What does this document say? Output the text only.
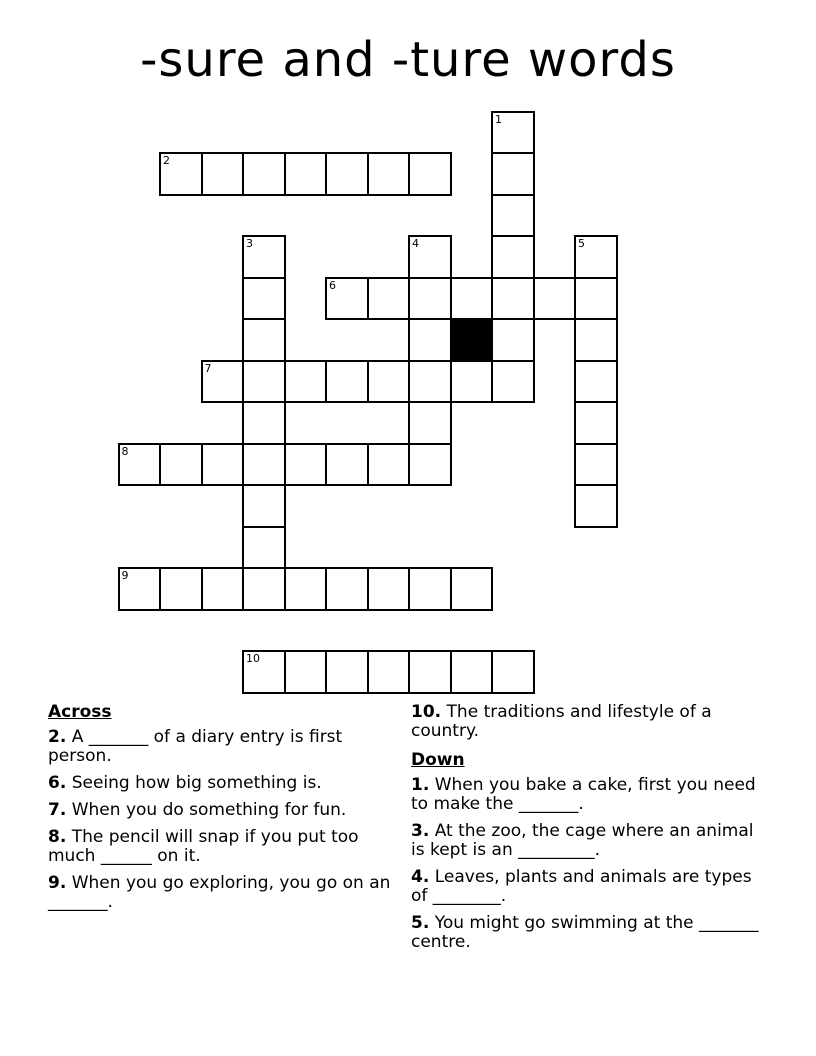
-sure and -ture words
2
6
7
8
9
10
1
3	4	5
Across
2. A _______ of a diary entry is first person.
6. Seeing how big something is.
7. When you do something for fun.
8. The pencil will snap if you put too much ______ on it.
9. When you go exploring, you go on an _______.
10. The traditions and lifestyle of a country.
Down
1. When you bake a cake, first you need to make the _______.
3. At the zoo, the cage where an animal is kept is an _________.
4. Leaves, plants and animals are types of ________.
5. You might go swimming at the _______ centre.
